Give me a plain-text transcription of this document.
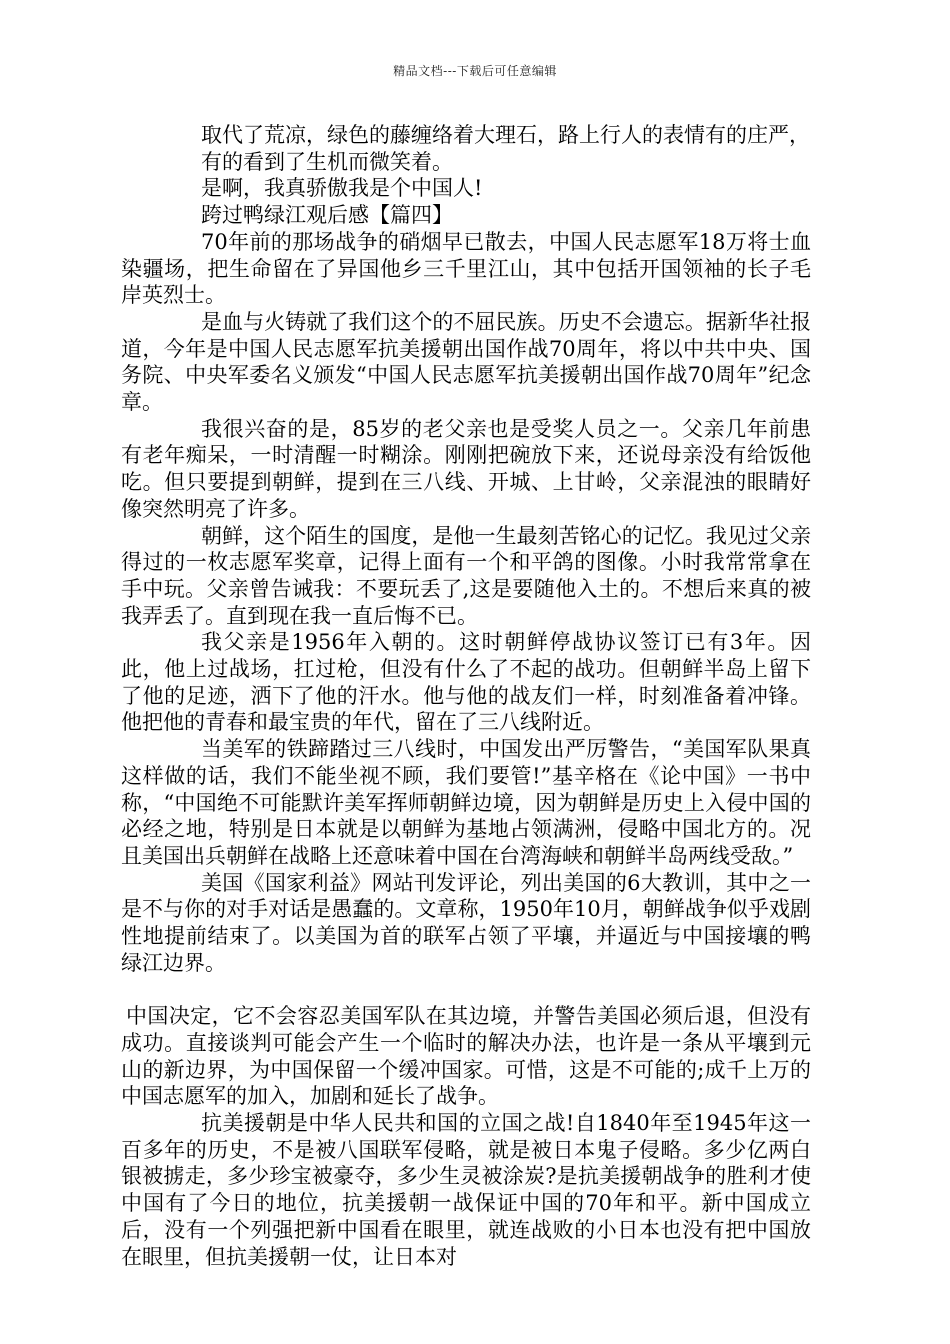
精品文档---下载后可任意编辑

取代了荒凉，绿色的藤缠络着大理石，路上行人的表情有的庄严，有的看到了生机而微笑着。

是啊，我真骄傲我是个中国人!

跨过鸭绿江观后感【篇四】

70年前的那场战争的硝烟早已散去，中国人民志愿军18万将士血染疆场，把生命留在了异国他乡三千里江山，其中包括开国领袖的长子毛岸英烈士。

是血与火铸就了我们这个的不屈民族。历史不会遗忘。据新华社报道，今年是中国人民志愿军抗美援朝出国作战70周年，将以中共中央、国务院、中央军委名义颁发“中国人民志愿军抗美援朝出国作战70周年”纪念章。

我很兴奋的是，85岁的老父亲也是受奖人员之一。父亲几年前患有老年痴呆，一时清醒一时糊涂。刚刚把碗放下来，还说母亲没有给饭他吃。但只要提到朝鲜，提到在三八线、开城、上甘岭，父亲混浊的眼睛好像突然明亮了许多。

朝鲜，这个陌生的国度，是他一生最刻苦铭心的记忆。我见过父亲得过的一枚志愿军奖章，记得上面有一个和平鸽的图像。小时我常常拿在手中玩。父亲曾告诫我：不要玩丢了,这是要随他入土的。不想后来真的被我弄丢了。直到现在我一直后悔不已。

我父亲是1956年入朝的。这时朝鲜停战协议签订已有3年。因此，他上过战场，扛过枪，但没有什么了不起的战功。但朝鲜半岛上留下了他的足迹，洒下了他的汗水。他与他的战友们一样，时刻准备着冲锋。他把他的青春和最宝贵的年代，留在了三八线附近。

当美军的铁蹄踏过三八线时，中国发出严厉警告，“美国军队果真这样做的话，我们不能坐视不顾，我们要管!”基辛格在《论中国》一书中称，“中国绝不可能默许美军挥师朝鲜边境，因为朝鲜是历史上入侵中国的必经之地，特别是日本就是以朝鲜为基地占领满洲，侵略中国北方的。况且美国出兵朝鲜在战略上还意味着中国在台湾海峡和朝鲜半岛两线受敌。”

美国《国家利益》网站刊发评论，列出美国的6大教训，其中之一是不与你的对手对话是愚蠢的。文章称，1950年10月，朝鲜战争似乎戏剧性地提前结束了。以美国为首的联军占领了平壤，并逼近与中国接壤的鸭绿江边界。

中国决定，它不会容忍美国军队在其边境，并警告美国必须后退，但没有成功。直接谈判可能会产生一个临时的解决办法，也许是一条从平壤到元山的新边界，为中国保留一个缓冲国家。可惜，这是不可能的;成千上万的中国志愿军的加入，加剧和延长了战争。

抗美援朝是中华人民共和国的立国之战!自1840年至1945年这一百多年的历史，不是被八国联军侵略，就是被日本鬼子侵略。多少亿两白银被掳走，多少珍宝被豪夺，多少生灵被涂炭?是抗美援朝战争的胜利才使中国有了今日的地位，抗美援朝一战保证中国的70年和平。新中国成立后，没有一个列强把新中国看在眼里，就连战败的小日本也没有把中国放在眼里，但抗美援朝一仗，让日本对
